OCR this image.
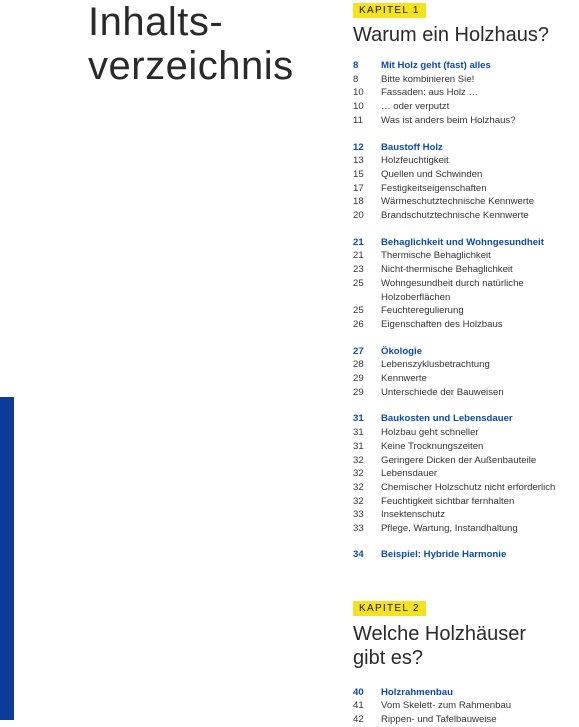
Inhalts-
verzeichnis
KAPITEL 1
Warum ein Holzhaus?
8	Mit Holz geht (fast) alles
8	Bitte kombinieren Sie!
10	Fassaden: aus Holz …
10	… oder verputzt
11	Was ist anders beim Holzhaus?
12	Baustoff Holz
13	Holzfeuchtigkeit
15	Quellen und Schwinden
17	Festigkeitseigenschaften
18	Wärmeschutztechnische Kennwerte
20	Brandschutztechnische Kennwerte
21	Behaglichkeit und Wohngesundheit
21	Thermische Behaglichkeit
23	Nicht-thermische Behaglichkeit
25	Wohngesundheit durch natürliche
Holzoberflächen
25	Feuchteregulierung
26	Eigenschaften des Holzbaus
27	Ökologie
28	Lebenszyklusbetrachtung
29	Kennwerte
29	Unterschiede der Bauweisen
31	Baukosten und Lebensdauer
31	Holzbau geht schneller
31	Keine Trocknungszeiten
32	Geringere Dicken der Außenbauteile
32	Lebensdauer
32	Chemischer Holzschutz nicht erforderlich
32	Feuchtigkeit sichtbar fernhalten
33	Insektenschutz
33	Pflege, Wartung, Instandhaltung
34	Beispiel: Hybride Harmonie
KAPITEL 2
Welche Holzhäuser
gibt es?
40	Holzrahmenbau
41	Vom Skelett- zum Rahmenbau
42	Rippen- und Tafelbauweise
